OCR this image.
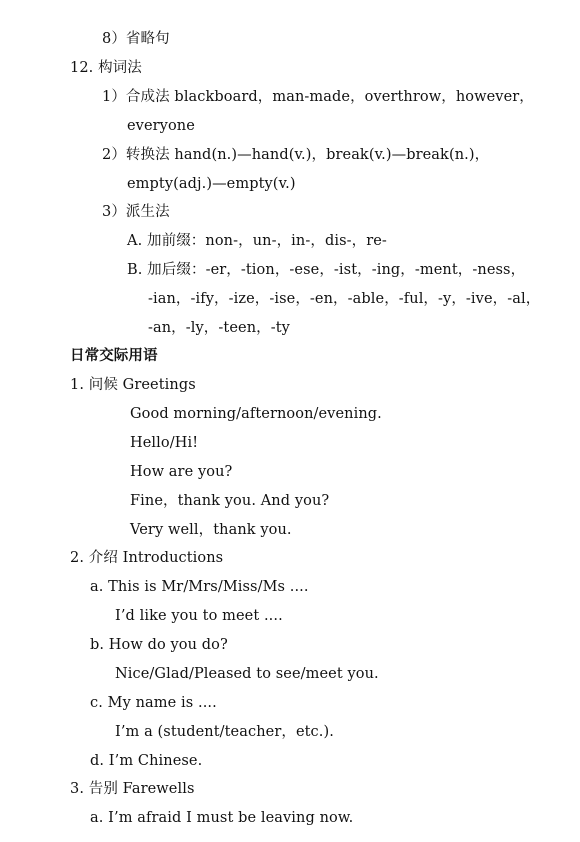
8）省略句
12. 构词法
1）合成法 blackboard，man-made，overthrow，however，
everyone
2）转换法 hand(n.)—hand(v.)，break(v.)—break(n.)，
empty(adj.)—empty(v.)
3）派生法
A. 加前缀：non-，un-，in-，dis-，re-
B. 加后缀：-er，-tion，-ese，-ist，-ing，-ment，-ness，
-ian，-ify，-ize，-ise，-en，-able，-ful，-y，-ive，-al，
-an，-ly，-teen，-ty
日常交际用语
1. 问候 Greetings
Good morning/afternoon/evening.
Hello/Hi!
How are you?
Fine，thank you. And you?
Very well，thank you.
2. 介绍 Introductions
a. This is Mr/Mrs/Miss/Ms ....
I’d like you to meet ....
b. How do you do?
Nice/Glad/Pleased to see/meet you.
c. My name is ....
I’m a (student/teacher，etc.).
d. I’m Chinese.
3. 告别 Farewells
a. I’m afraid I must be leaving now.
